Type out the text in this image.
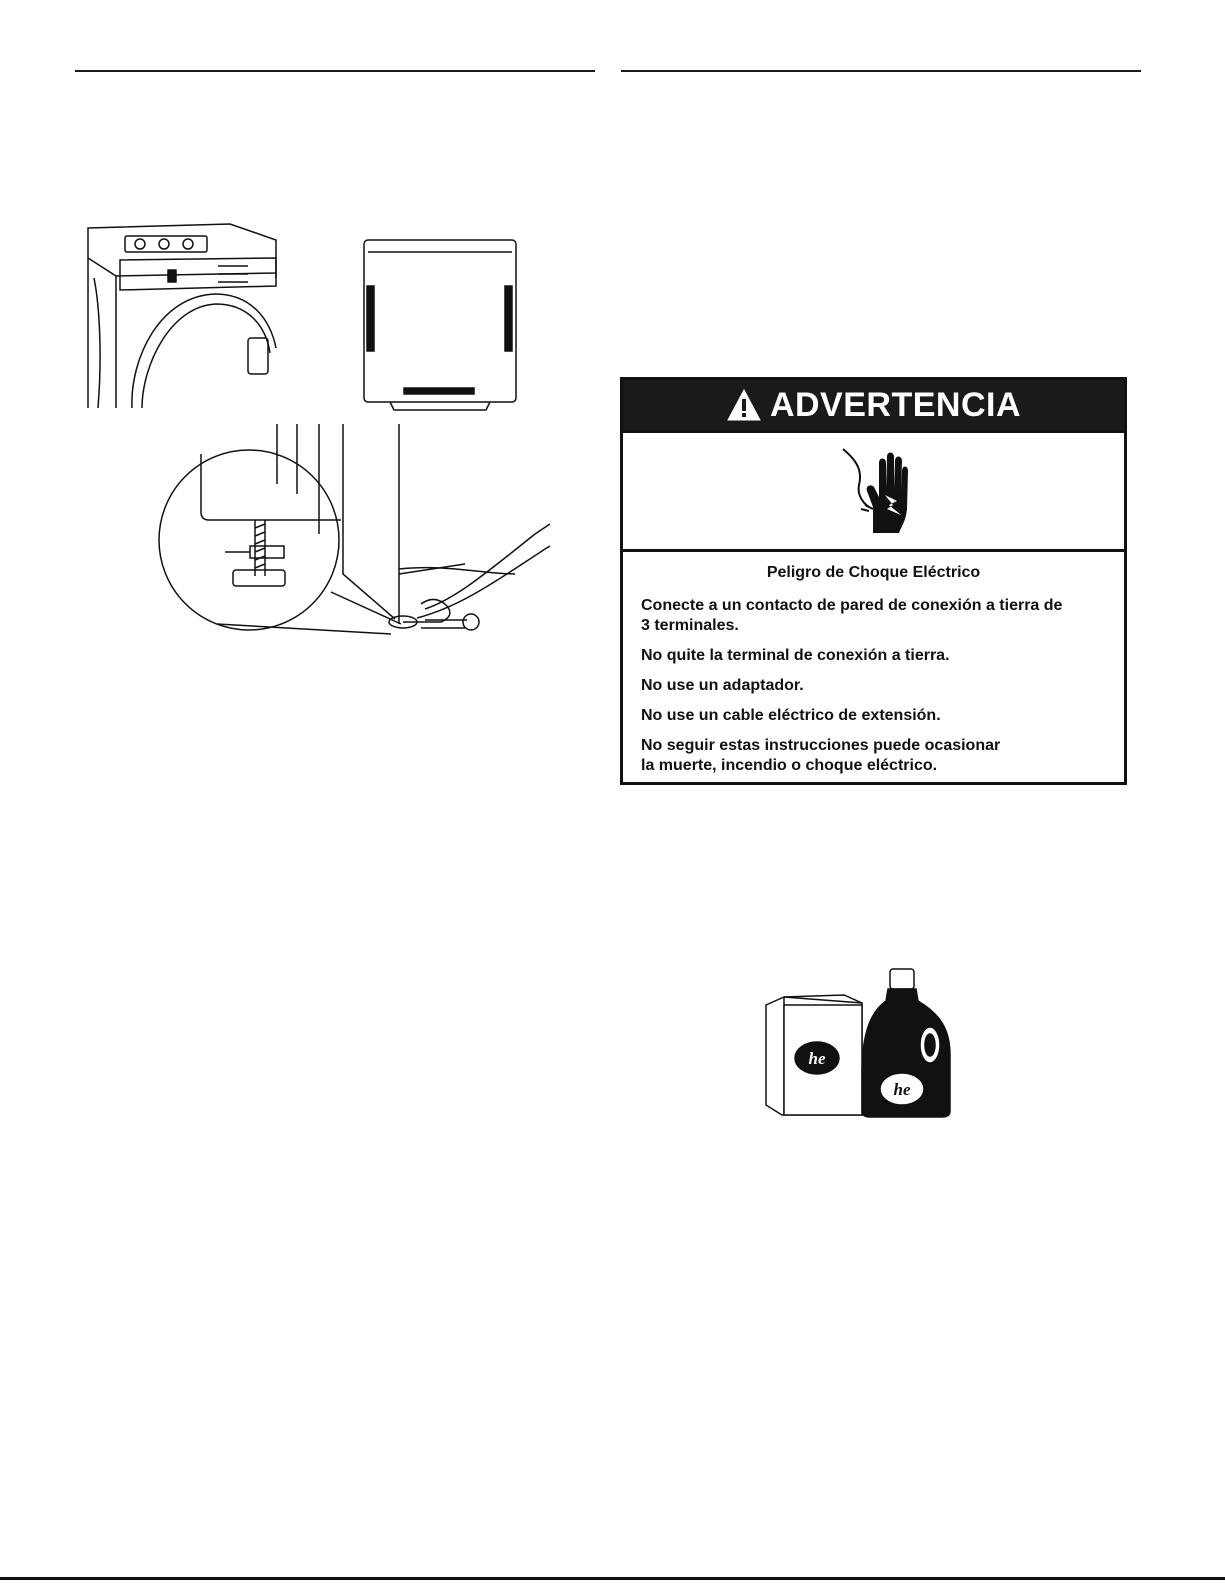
ADVERTENCIA

Peligro de Choque Eléctrico

Conecte a un contacto de pared de conexión a tierra de
3 terminales.

No quite la terminal de conexión a tierra.

No use un adaptador.

No use un cable eléctrico de extensión.

No seguir estas instrucciones puede ocasionar
la muerte, incendio o choque eléctrico.

he
he
